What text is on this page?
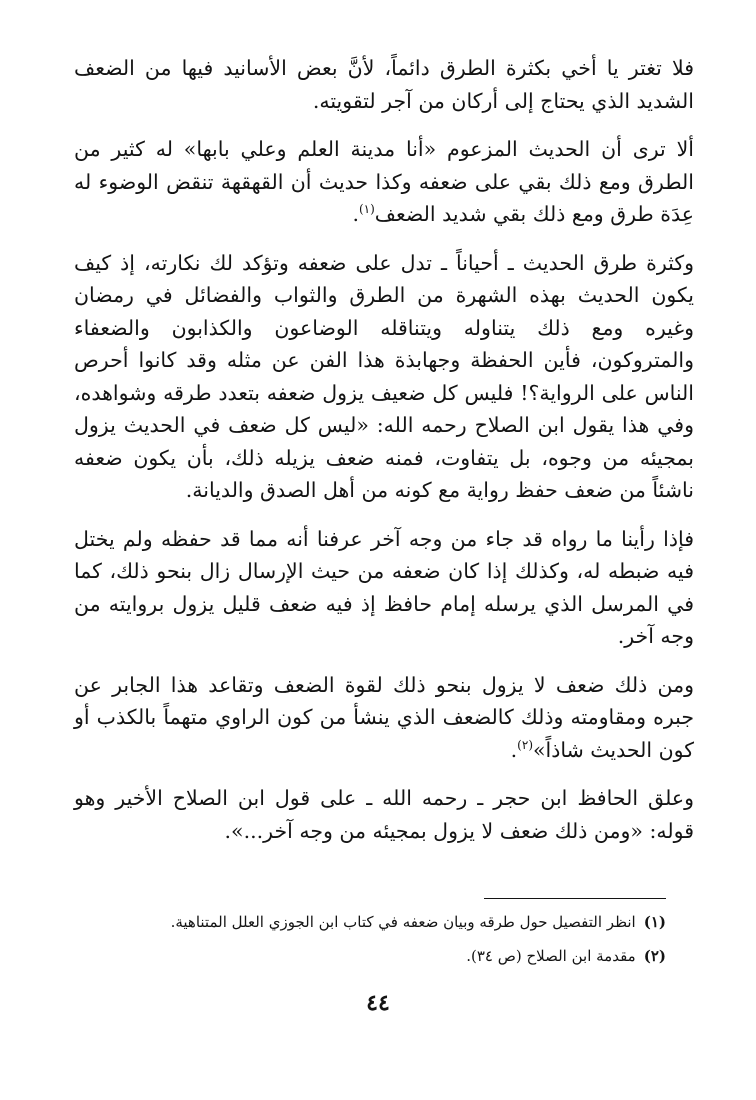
فلا تغتر يا أخي بكثرة الطرق دائماً، لأنَّ بعض الأسانيد فيها من الضعف الشديد الذي يحتاج إلى أركان من آجر لتقويته.

ألا ترى أن الحديث المزعوم «أنا مدينة العلم وعلي بابها» له كثير من الطرق ومع ذلك بقي على ضعفه وكذا حديث أن القهقهة تنقض الوضوء له عِدَة طرق ومع ذلك بقي شديد الضعف$^{(١)}$.

وكثرة طرق الحديث ـ أحياناً ـ تدل على ضعفه وتؤكد لك نكارته، إذ كيف يكون الحديث بهذه الشهرة من الطرق والثواب والفضائل في رمضان وغيره ومع ذلك يتناوله ويتناقله الوضاعون والكذابون والضعفاء والمتروكون، فأين الحفظة وجهابذة هذا الفن عن مثله وقد كانوا أحرص الناس على الرواية؟! فليس كل ضعيف يزول ضعفه بتعدد طرقه وشواهده، وفي هذا يقول ابن الصلاح رحمه الله: «ليس كل ضعف في الحديث يزول بمجيئه من وجوه، بل يتفاوت، فمنه ضعف يزيله ذلك، بأن يكون ضعفه ناشئاً من ضعف حفظ رواية مع كونه من أهل الصدق والديانة.

فإذا رأينا ما رواه قد جاء من وجه آخر عرفنا أنه مما قد حفظه ولم يختل فيه ضبطه له، وكذلك إذا كان ضعفه من حيث الإرسال زال بنحو ذلك، كما في المرسل الذي يرسله إمام حافظ إذ فيه ضعف قليل يزول بروايته من وجه آخر.

ومن ذلك ضعف لا يزول بنحو ذلك لقوة الضعف وتقاعد هذا الجابر عن جبره ومقاومته وذلك كالضعف الذي ينشأ من كون الراوي متهماً بالكذب أو كون الحديث شاذاً»$^{(٢)}$.

وعلق الحافظ ابن حجر ـ رحمه الله ـ على قول ابن الصلاح الأخير وهو قوله: «ومن ذلك ضعف لا يزول بمجيئه من وجه آخر...».

(١)انظر التفصيل حول طرقه وبيان ضعفه في كتاب ابن الجوزي العلل المتناهية.
(٢)مقدمة ابن الصلاح (ص ٣٤).
٤٤
